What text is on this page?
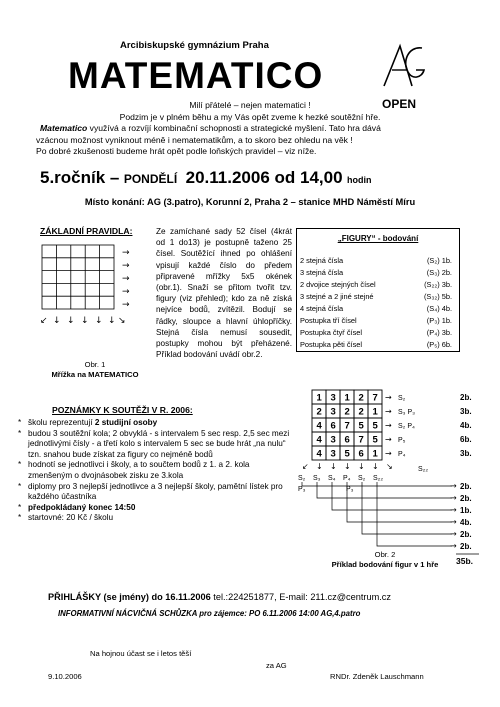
Arcibiskupské gymnázium Praha
MATEMATICO
OPEN
Milí přátelé – nejen matematici !
Podzim je v plném běhu a my Vás opět zveme k hezké soutěžní hře.
Matematico využívá a rozvíjí kombinační schopnosti a strategické myšlení. Tato hra dává
vzácnou možnost vyniknout méně i nematematikům, a to skoro bez ohledu na věk !
Po dobré zkušenosti budeme hrát opět podle loňských pravidel – viz níže.
5.ročník – PONDĚLÍ 20.11.2006 od 14,00 hodin
Místo konání: AG (3.patro), Korunní 2, Praha 2 – stanice MHD Náměstí Míru
ZÁKLADNÍ PRAVIDLA:
→
→
→
→
→
↙ ↓ ↓ ↓ ↓ ↓ ↘
Obr. 1
Mřížka na MATEMATICO
Ze zamíchané sady 52 čísel (4krát od 1 do13) je postupně taženo 25 čísel. Soutěžící ihned po ohlášení vpisují každé číslo do předem připravené mřížky 5x5 okének (obr.1). Snaží se přitom tvořit tzv. figury (viz přehled); kdo za ně získá nejvíce bodů, zvítězil. Bodují se řádky, sloupce a hlavní úhlopříčky. Stejná čísla nemusí sousedit, postupky mohou být přeházené. Příklad bodování uvádí obr.2.
„FIGURY“ - bodování
2 stejná čísla	(S₂) 1b.
3 stejná čísla	(S₃) 2b.
2 dvojice stejných čísel	(S₂₂) 3b.
3 stejné a 2 jiné stejné	(S₃₂) 5b.
4 stejná čísla	(S₄) 4b.
Postupka tří čísel	(P₃) 1b.
Postupka čtyř čísel	(P₄) 3b.
Postupka pěti čísel	(P₅) 6b.
POZNÁMKY K SOUTĚŽI V R. 2006:
* školu reprezentují 2 studijní osoby
* budou 3 soutěžní kola; 2 obvyklá - s intervalem 5 sec resp. 2,5 sec mezi jednotlivými čísly - a třetí kolo s intervalem 5 sec se bude hrát „na nulu“ tzn. snahou bude získat za figury co nejméně bodů
* hodnotí se jednotlivci i školy, a to součtem bodů z 1. a 2. kola zmenšeným o dvojnásobek zisku ze 3.kola
* diplomy pro 3 nejlepší jednotlivce a 3 nejlepší školy, pamětní lístek pro každého účastníka
* předpokládaný konec 14:50
* startovné: 20 Kč / školu
1 3 1 2 7 → S₂	2b.
2 3 2 2 1 → S₃ P₃	3b.
4 6 7 5 5 → S₂ P₄	4b.
4 3 6 7 5 → P₅	6b.
4 3 5 6 1 → P₄	3b.
↙ ↓ ↓ ↓ ↓ ↓ ↘
S₂ S₃ S₄ P₄ S₂ S₂₂
P₃	P₃
S₂₂
→ 2b.
→ 2b.
→ 1b.
→ 4b.
→ 2b.
→ 2b.
35b.
Obr. 2
Příklad bodování figur v 1 hře
PŘIHLÁŠKY (se jmény) do 16.11.2006 tel.:224251877, E-mail: 211.cz@centrum.cz
INFORMATIVNÍ NÁCVIČNÁ SCHŮZKA pro zájemce: PO 6.11.2006 14:00 AG,4.patro
Na hojnou účast se i letos těší
za AG
9.10.2006	RNDr. Zdeněk Lauschmann
